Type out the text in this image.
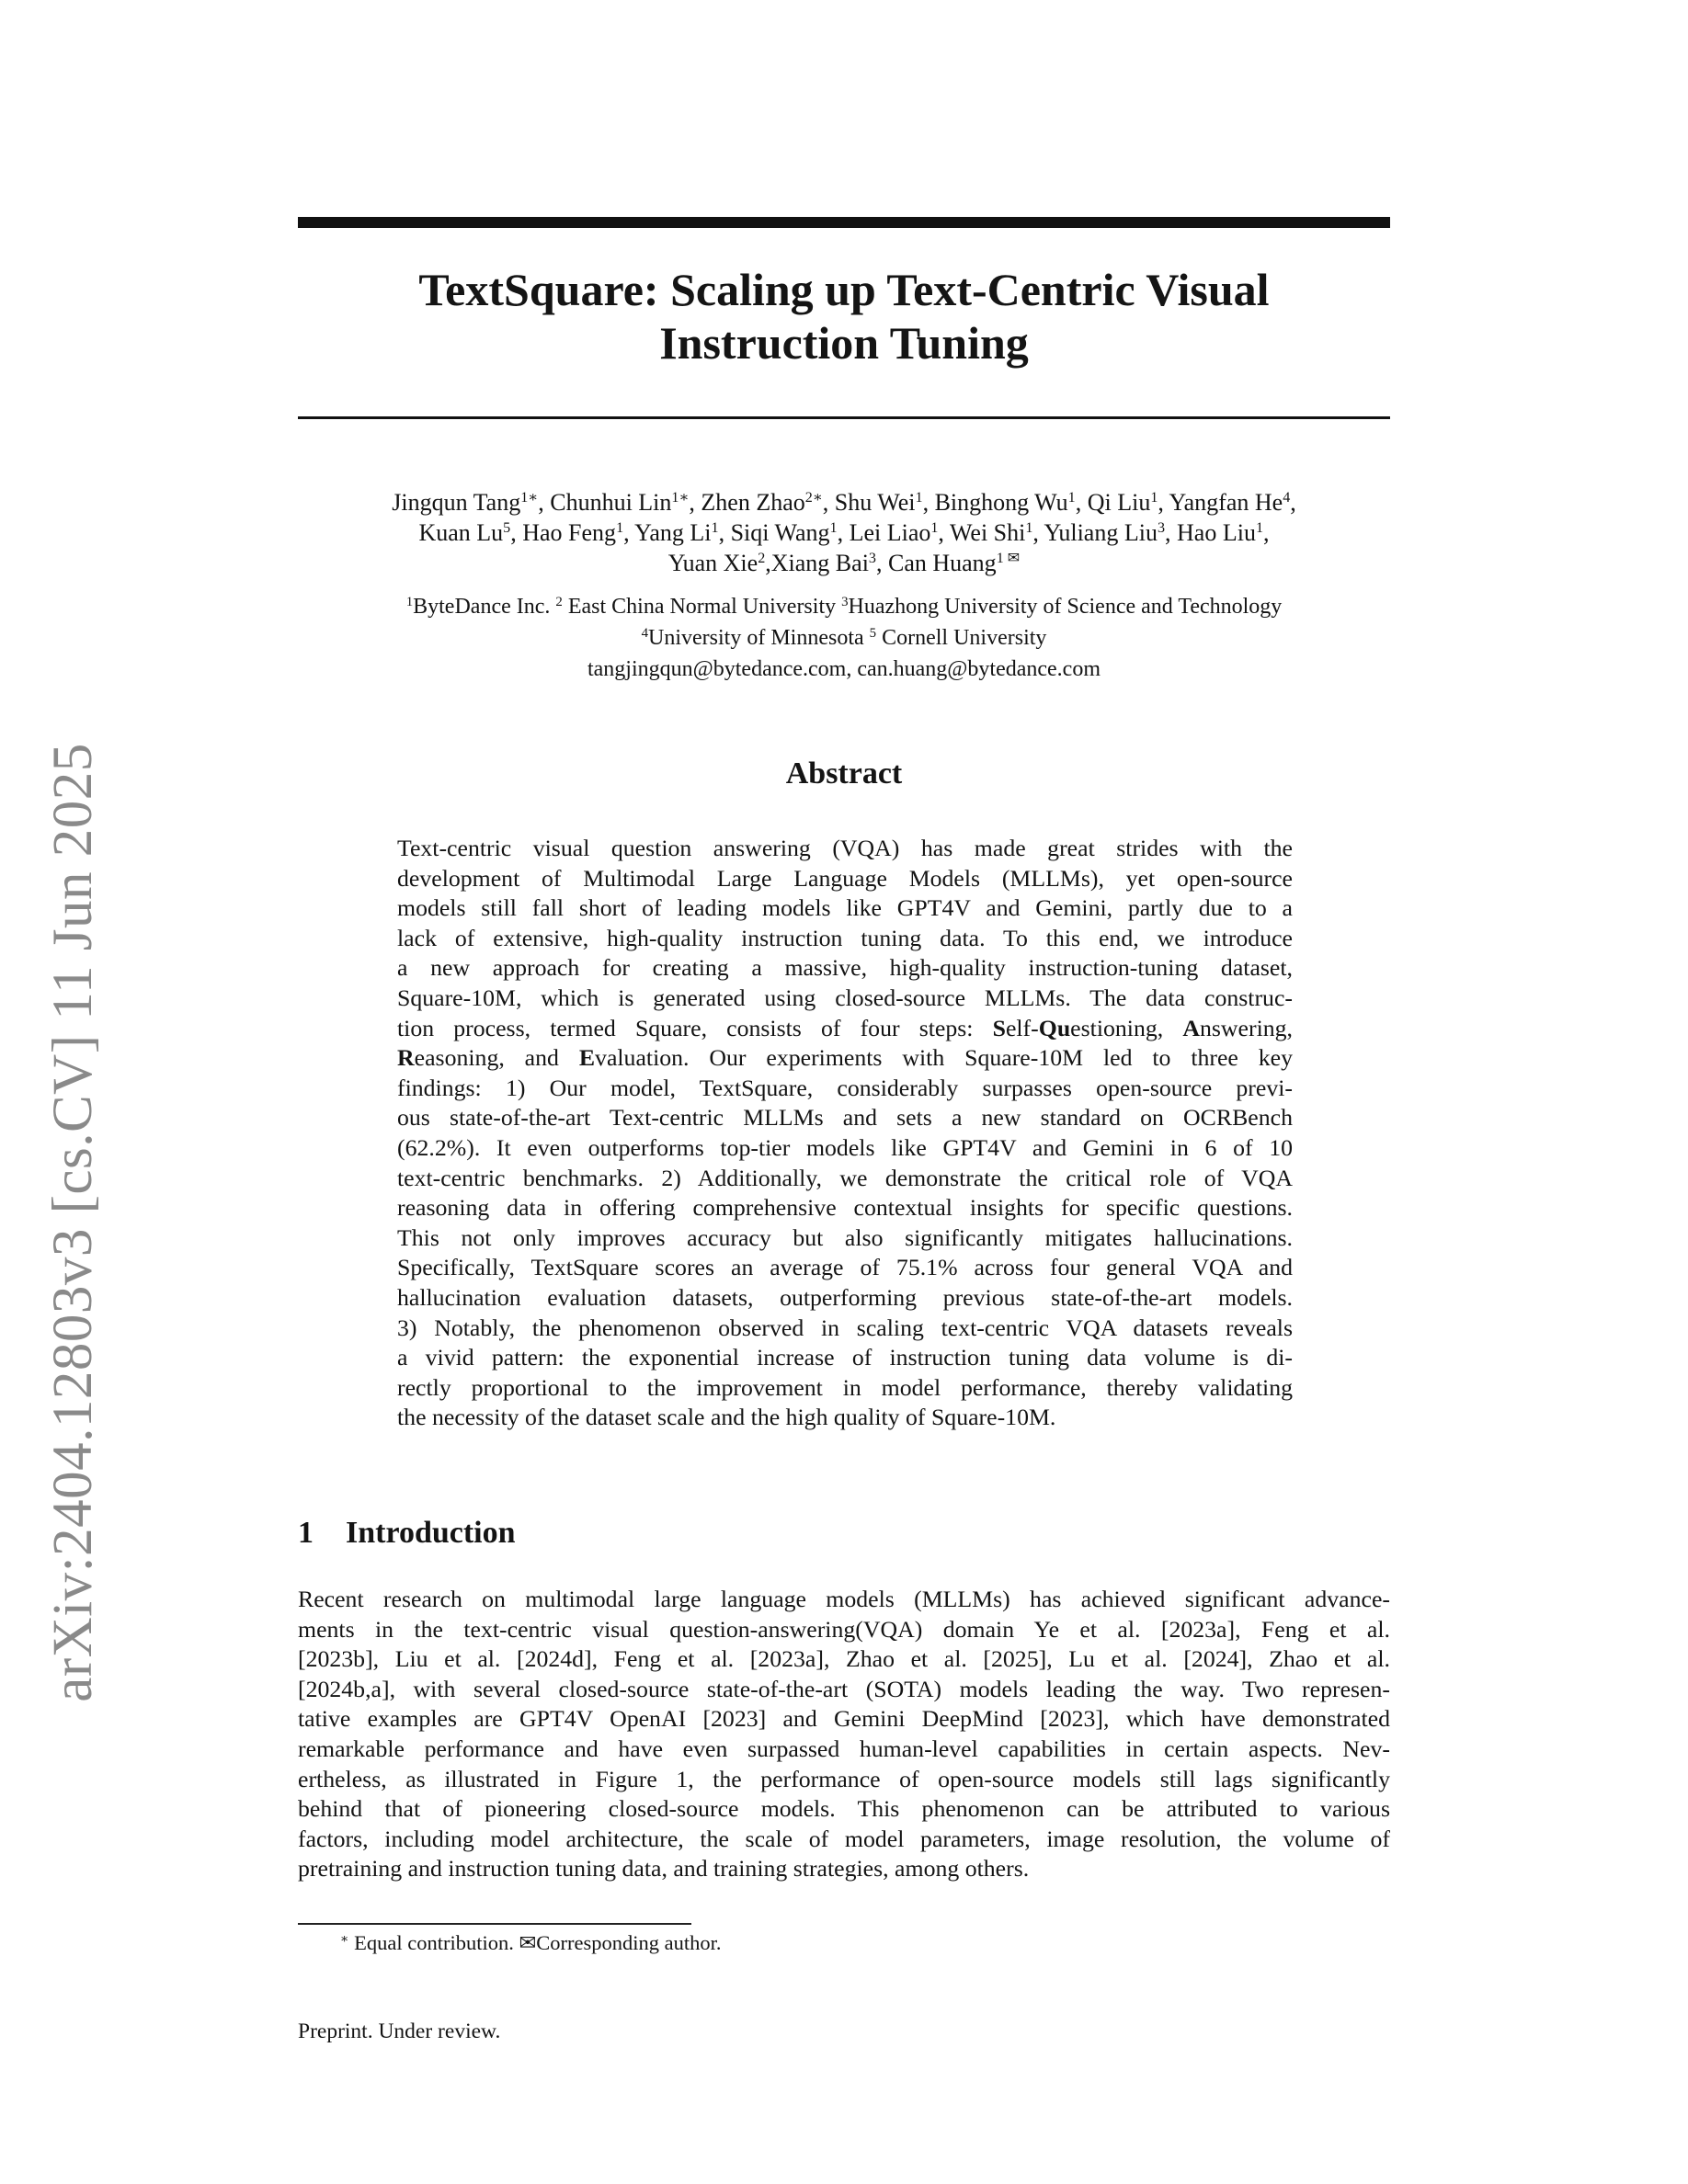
arXiv:2404.12803v3 [cs.CV] 11 Jun 2025
TextSquare: Scaling up Text-Centric Visual
Instruction Tuning
Jingqun Tang$^{1∗}$, Chunhui Lin$^{1∗}$, Zhen Zhao$^{2∗}$, Shu Wei$^1$, Binghong Wu$^1$, Qi Liu$^1$, Yangfan He$^4$,
Kuan Lu$^5$, Hao Feng$^1$, Yang Li$^1$, Siqi Wang$^1$, Lei Liao$^1$, Wei Shi$^1$, Yuliang Liu$^3$, Hao Liu$^1$,
Yuan Xie$^2$,Xiang Bai$^3$, Can Huang$^{1 ✉}$
$^1$ByteDance Inc. $^2$ East China Normal University $^3$Huazhong University of Science and Technology
$^4$University of Minnesota $^5$ Cornell University
tangjingqun@bytedance.com, can.huang@bytedance.com
Abstract
Text-centric visual question answering (VQA) has made great strides with the
development of Multimodal Large Language Models (MLLMs), yet open-source
models still fall short of leading models like GPT4V and Gemini, partly due to a
lack of extensive, high-quality instruction tuning data. To this end, we introduce
a new approach for creating a massive, high-quality instruction-tuning dataset,
Square-10M, which is generated using closed-source MLLMs. The data construc-
tion process, termed Square, consists of four steps: Self-Questioning, Answering,
Reasoning, and Evaluation. Our experiments with Square-10M led to three key
findings: 1) Our model, TextSquare, considerably surpasses open-source previ-
ous state-of-the-art Text-centric MLLMs and sets a new standard on OCRBench
(62.2%). It even outperforms top-tier models like GPT4V and Gemini in 6 of 10
text-centric benchmarks. 2) Additionally, we demonstrate the critical role of VQA
reasoning data in offering comprehensive contextual insights for specific questions.
This not only improves accuracy but also significantly mitigates hallucinations.
Specifically, TextSquare scores an average of 75.1% across four general VQA and
hallucination evaluation datasets, outperforming previous state-of-the-art models.
3) Notably, the phenomenon observed in scaling text-centric VQA datasets reveals
a vivid pattern: the exponential increase of instruction tuning data volume is di-
rectly proportional to the improvement in model performance, thereby validating
the necessity of the dataset scale and the high quality of Square-10M.
1 Introduction
Recent research on multimodal large language models (MLLMs) has achieved significant advance-
ments in the text-centric visual question-answering(VQA) domain Ye et al. [2023a], Feng et al.
[2023b], Liu et al. [2024d], Feng et al. [2023a], Zhao et al. [2025], Lu et al. [2024], Zhao et al.
[2024b,a], with several closed-source state-of-the-art (SOTA) models leading the way. Two represen-
tative examples are GPT4V OpenAI [2023] and Gemini DeepMind [2023], which have demonstrated
remarkable performance and have even surpassed human-level capabilities in certain aspects. Nev-
ertheless, as illustrated in Figure 1, the performance of open-source models still lags significantly
behind that of pioneering closed-source models. This phenomenon can be attributed to various
factors, including model architecture, the scale of model parameters, image resolution, the volume of
pretraining and instruction tuning data, and training strategies, among others.
∗ Equal contribution. ✉Corresponding author.
Preprint. Under review.
